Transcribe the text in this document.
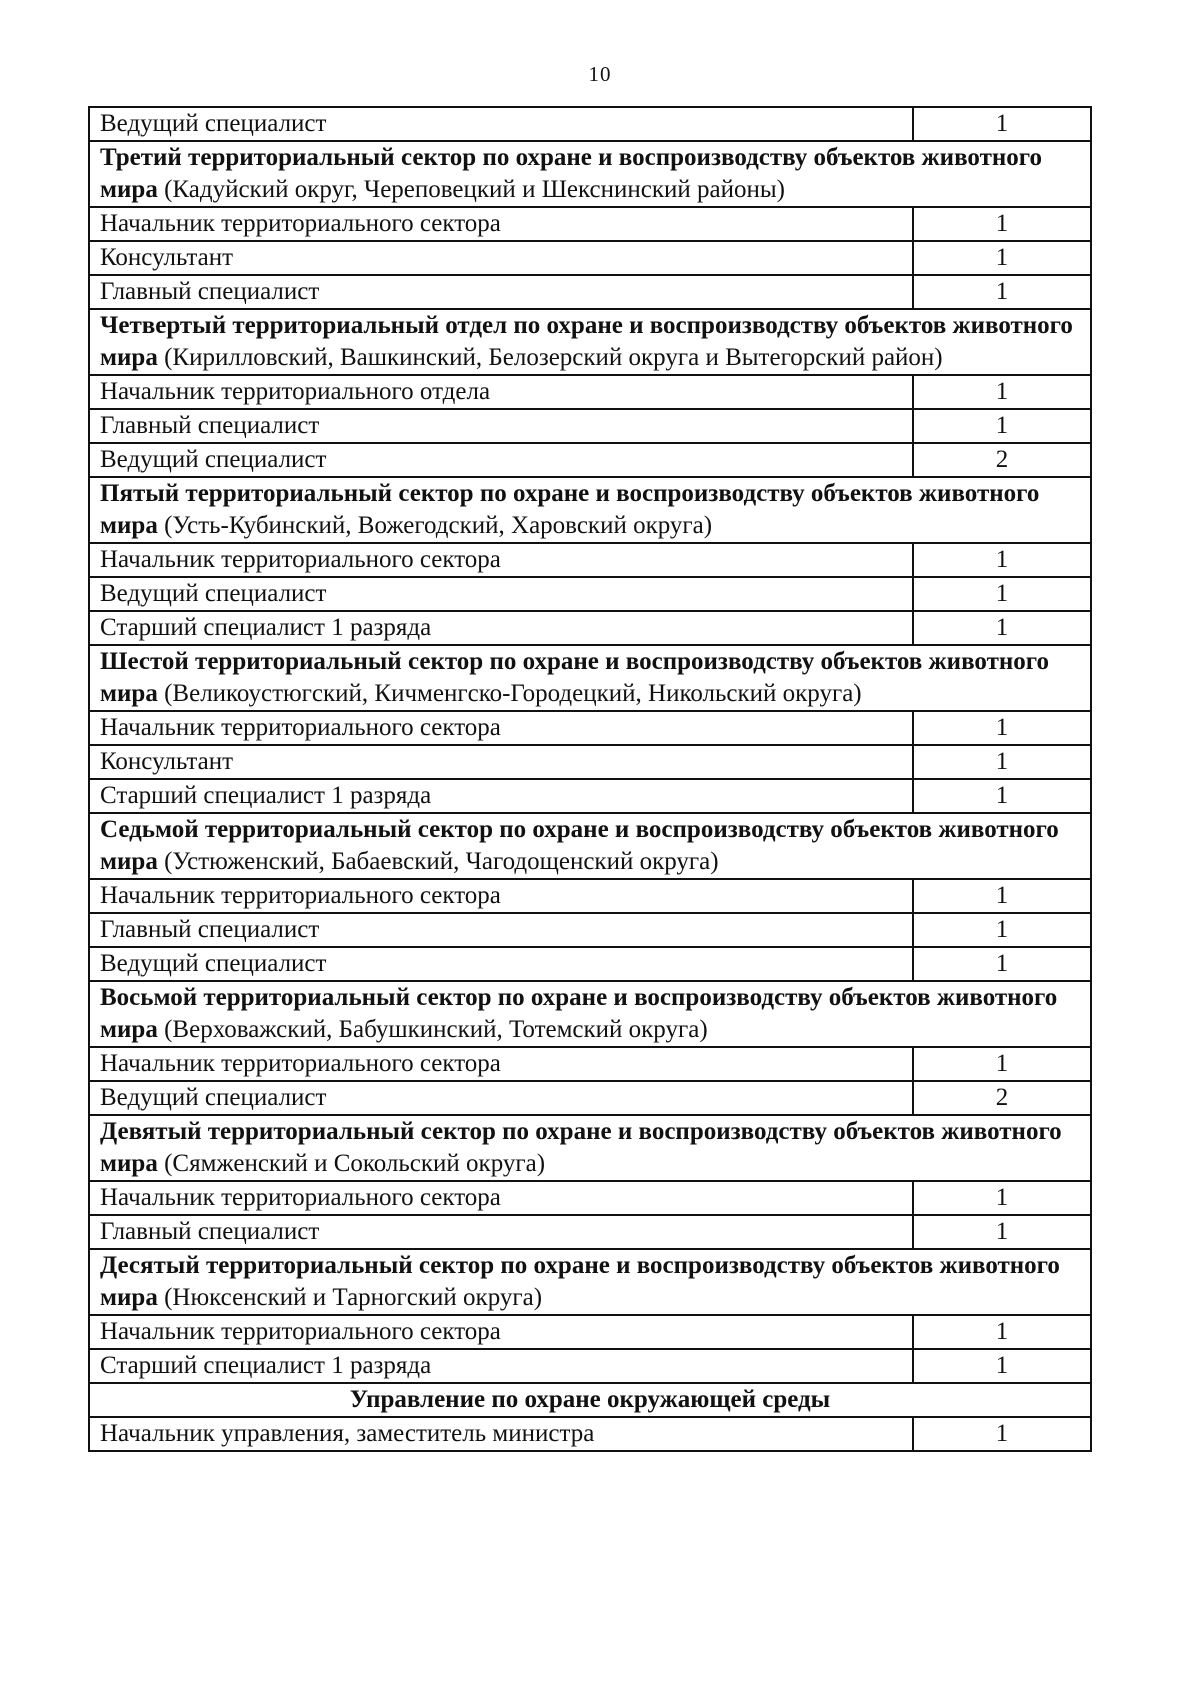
10
Ведущий специалист	1
Третий территориальный сектор по охране и воспроизводству объектов животного мира (Кадуйский округ, Череповецкий и Шекснинский районы)	
Начальник территориального сектора	1
Консультант	1
Главный специалист	1
Четвертый территориальный отдел по охране и воспроизводству объектов животного мира (Кирилловский, Вашкинский, Белозерский округа и Вытегорский район)	
Начальник территориального отдела	1
Главный специалист	1
Ведущий специалист	2
Пятый территориальный сектор по охране и воспроизводству объектов животного мира (Усть-Кубинский, Вожегодский, Харовский округа)	
Начальник территориального сектора	1
Ведущий специалист	1
Старший специалист 1 разряда	1
Шестой территориальный сектор по охране и воспроизводству объектов животного мира (Великоустюгский, Кичменгско-Городецкий, Никольский округа)	
Начальник территориального сектора	1
Консультант	1
Старший специалист 1 разряда	1
Седьмой территориальный сектор по охране и воспроизводству объектов животного мира (Устюженский, Бабаевский, Чагодощенский округа)	
Начальник территориального сектора	1
Главный специалист	1
Ведущий специалист	1
Восьмой территориальный сектор по охране и воспроизводству объектов животного мира (Верховажский, Бабушкинский, Тотемский округа)	
Начальник территориального сектора	1
Ведущий специалист	2
Девятый территориальный сектор по охране и воспроизводству объектов животного мира (Сямженский и Сокольский округа)	
Начальник территориального сектора	1
Главный специалист	1
Десятый территориальный сектор по охране и воспроизводству объектов животного мира (Нюксенский и Тарногский округа)	
Начальник территориального сектора	1
Старший специалист 1 разряда	1
Управление по охране окружающей среды	
Начальник управления, заместитель министра	1
